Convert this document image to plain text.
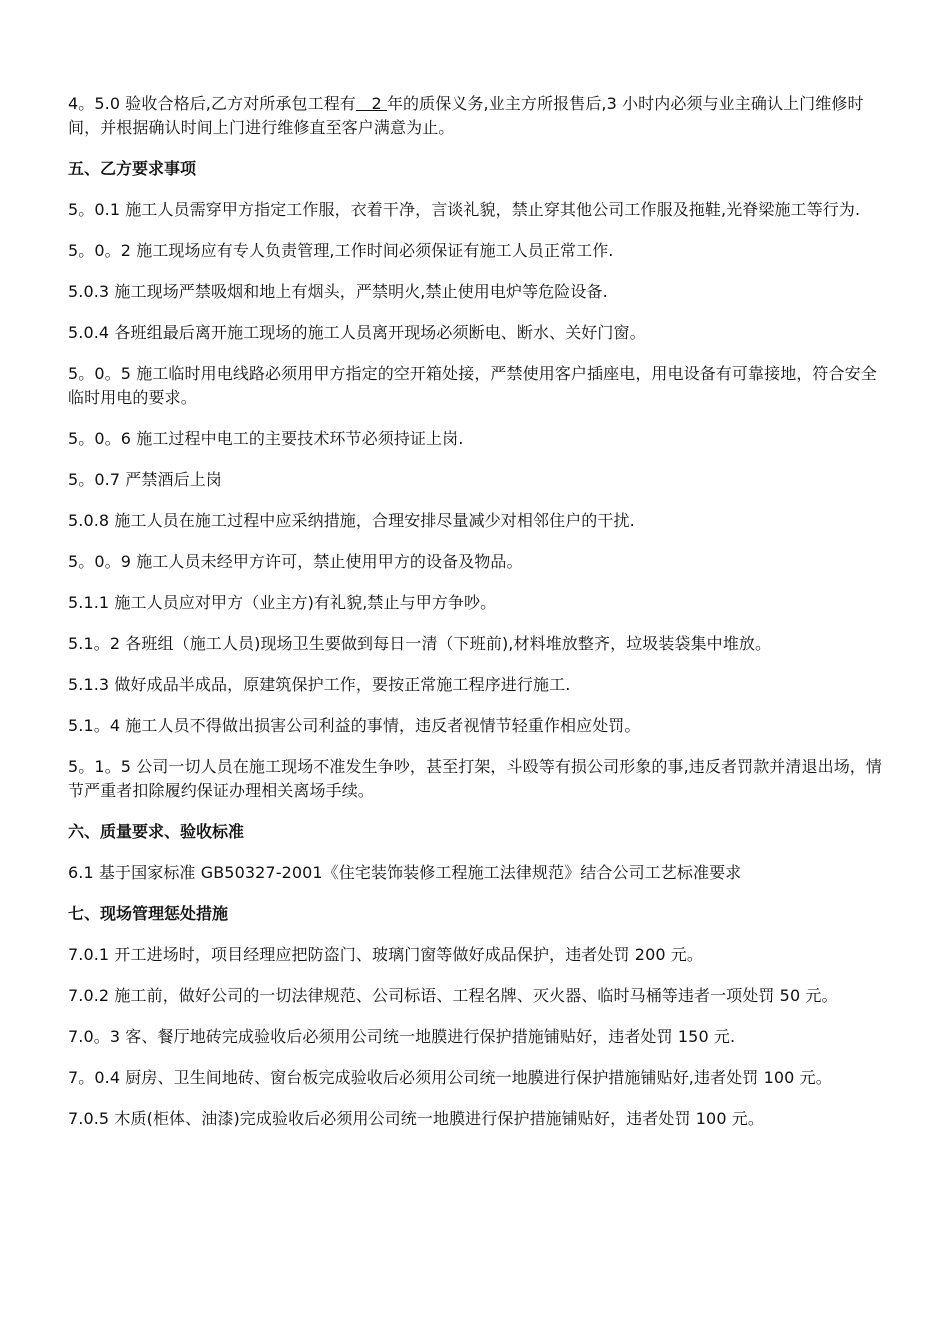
4。5.0 验收合格后,乙方对所承包工程有   2 年的质保义务,业主方所报售后,3 小时内必须与业主确认上门维修时间，并根据确认时间上门进行维修直至客户满意为止。

五、乙方要求事项

5。0.1 施工人员需穿甲方指定工作服，衣着干净，言谈礼貌，禁止穿其他公司工作服及拖鞋,光脊梁施工等行为.

5。0。2 施工现场应有专人负责管理,工作时间必须保证有施工人员正常工作.

5.0.3 施工现场严禁吸烟和地上有烟头，严禁明火,禁止使用电炉等危险设备.

5.0.4 各班组最后离开施工现场的施工人员离开现场必须断电、断水、关好门窗。

5。0。5 施工临时用电线路必须用甲方指定的空开箱处接，严禁使用客户插座电，用电设备有可靠接地，符合安全临时用电的要求。

5。0。6 施工过程中电工的主要技术环节必须持证上岗.

5。0.7 严禁酒后上岗

5.0.8 施工人员在施工过程中应采纳措施，合理安排尽量减少对相邻住户的干扰.

5。0。9 施工人员未经甲方许可，禁止使用甲方的设备及物品。

5.1.1 施工人员应对甲方（业主方)有礼貌,禁止与甲方争吵。

5.1。2 各班组（施工人员)现场卫生要做到每日一清（下班前),材料堆放整齐，垃圾装袋集中堆放。

5.1.3 做好成品半成品，原建筑保护工作，要按正常施工程序进行施工.

5.1。4 施工人员不得做出损害公司利益的事情，违反者视情节轻重作相应处罚。

5。1。5 公司一切人员在施工现场不准发生争吵，甚至打架，斗殴等有损公司形象的事,违反者罚款并清退出场，情节严重者扣除履约保证办理相关离场手续。

六、质量要求、验收标准

6.1 基于国家标准 GB50327-2001《住宅装饰装修工程施工法律规范》结合公司工艺标准要求

七、现场管理惩处措施

7.0.1 开工进场时，项目经理应把防盗门、玻璃门窗等做好成品保护，违者处罚 200 元。

7.0.2 施工前，做好公司的一切法律规范、公司标语、工程名牌、灭火器、临时马桶等违者一项处罚 50 元。

7.0。3 客、餐厅地砖完成验收后必须用公司统一地膜进行保护措施铺贴好，违者处罚 150 元.

7。0.4 厨房、卫生间地砖、窗台板完成验收后必须用公司统一地膜进行保护措施铺贴好,违者处罚 100 元。

7.0.5 木质(柜体、油漆)完成验收后必须用公司统一地膜进行保护措施铺贴好，违者处罚 100 元。
